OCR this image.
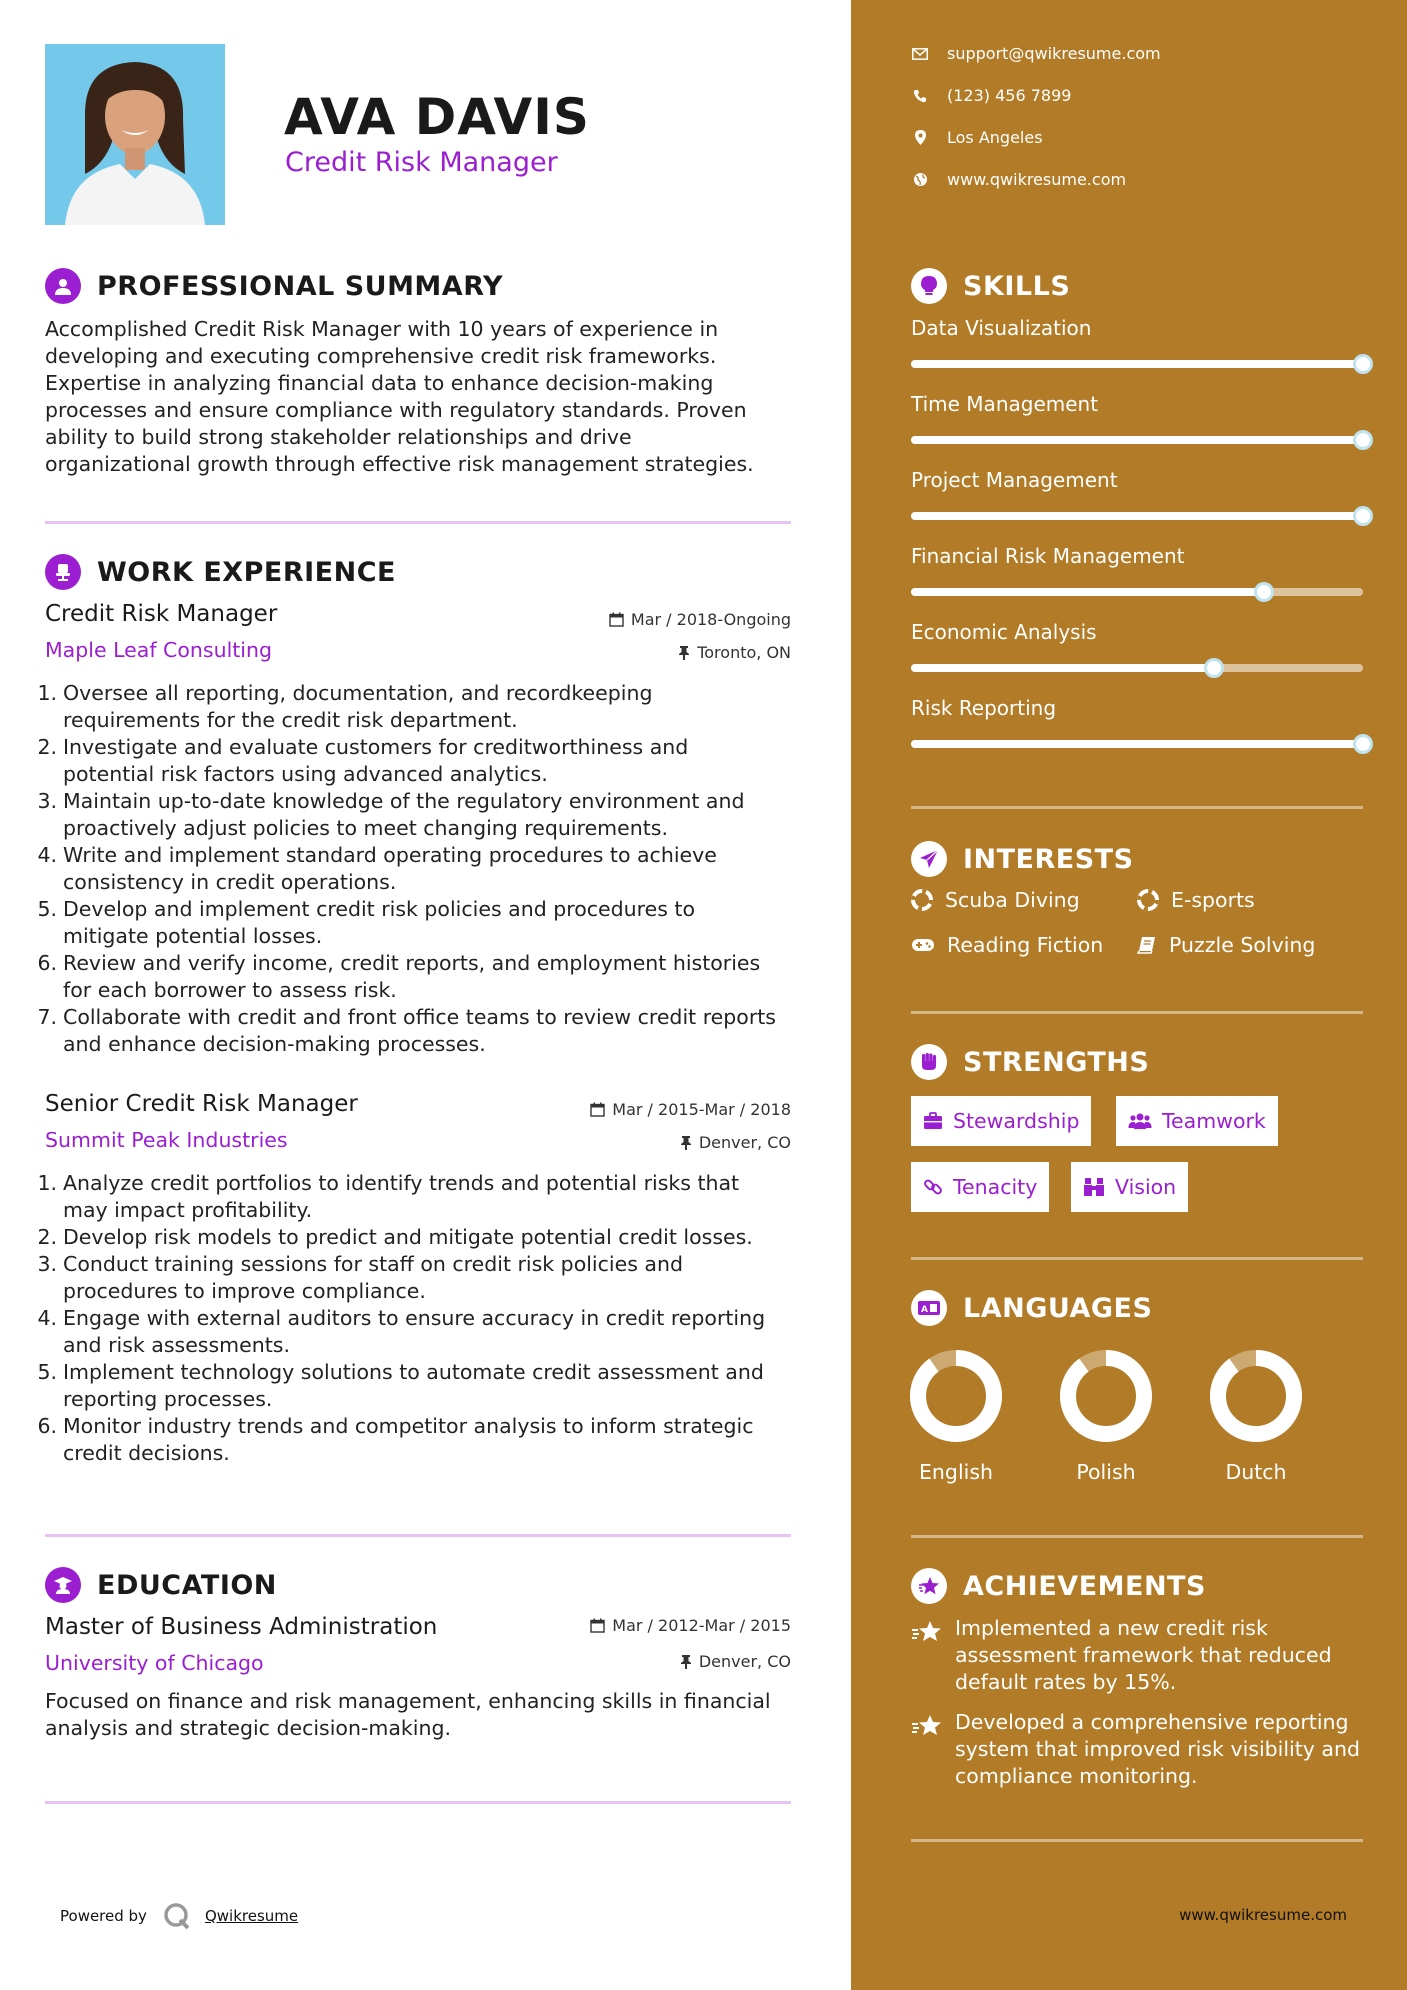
AVA DAVIS
Credit Risk Manager
PROFESSIONAL SUMMARY
Accomplished Credit Risk Manager with 10 years of experience in
developing and executing comprehensive credit risk frameworks.
Expertise in analyzing financial data to enhance decision-making
processes and ensure compliance with regulatory standards. Proven
ability to build strong stakeholder relationships and drive
organizational growth through effective risk management strategies.
WORK EXPERIENCE
Credit Risk Manager	Mar / 2018-Ongoing
Maple Leaf Consulting	Toronto, ON
1. Oversee all reporting, documentation, and recordkeeping
requirements for the credit risk department.
2. Investigate and evaluate customers for creditworthiness and
potential risk factors using advanced analytics.
3. Maintain up-to-date knowledge of the regulatory environment and
proactively adjust policies to meet changing requirements.
4. Write and implement standard operating procedures to achieve
consistency in credit operations.
5. Develop and implement credit risk policies and procedures to
mitigate potential losses.
6. Review and verify income, credit reports, and employment histories
for each borrower to assess risk.
7. Collaborate with credit and front office teams to review credit reports
and enhance decision-making processes.
Senior Credit Risk Manager	Mar / 2015-Mar / 2018
Summit Peak Industries	Denver, CO
1. Analyze credit portfolios to identify trends and potential risks that
may impact profitability.
2. Develop risk models to predict and mitigate potential credit losses.
3. Conduct training sessions for staff on credit risk policies and
procedures to improve compliance.
4. Engage with external auditors to ensure accuracy in credit reporting
and risk assessments.
5. Implement technology solutions to automate credit assessment and
reporting processes.
6. Monitor industry trends and competitor analysis to inform strategic
credit decisions.
EDUCATION
Master of Business Administration	Mar / 2012-Mar / 2015
University of Chicago	Denver, CO
Focused on finance and risk management, enhancing skills in financial
analysis and strategic decision-making.
Powered by	Qwikresume
support@qwikresume.com
(123) 456 7899
Los Angeles
www.qwikresume.com
SKILLS
Data Visualization
Time Management
Project Management
Financial Risk Management
Economic Analysis
Risk Reporting
INTERESTS
Scuba Diving	E-sports
Reading Fiction	Puzzle Solving
STRENGTHS
Stewardship	Teamwork
Tenacity	Vision
A LANGUAGES
English	Polish	Dutch
ACHIEVEMENTS
Implemented a new credit risk
assessment framework that reduced
default rates by 15%.
Developed a comprehensive reporting
system that improved risk visibility and
compliance monitoring.
www.qwikresume.com
